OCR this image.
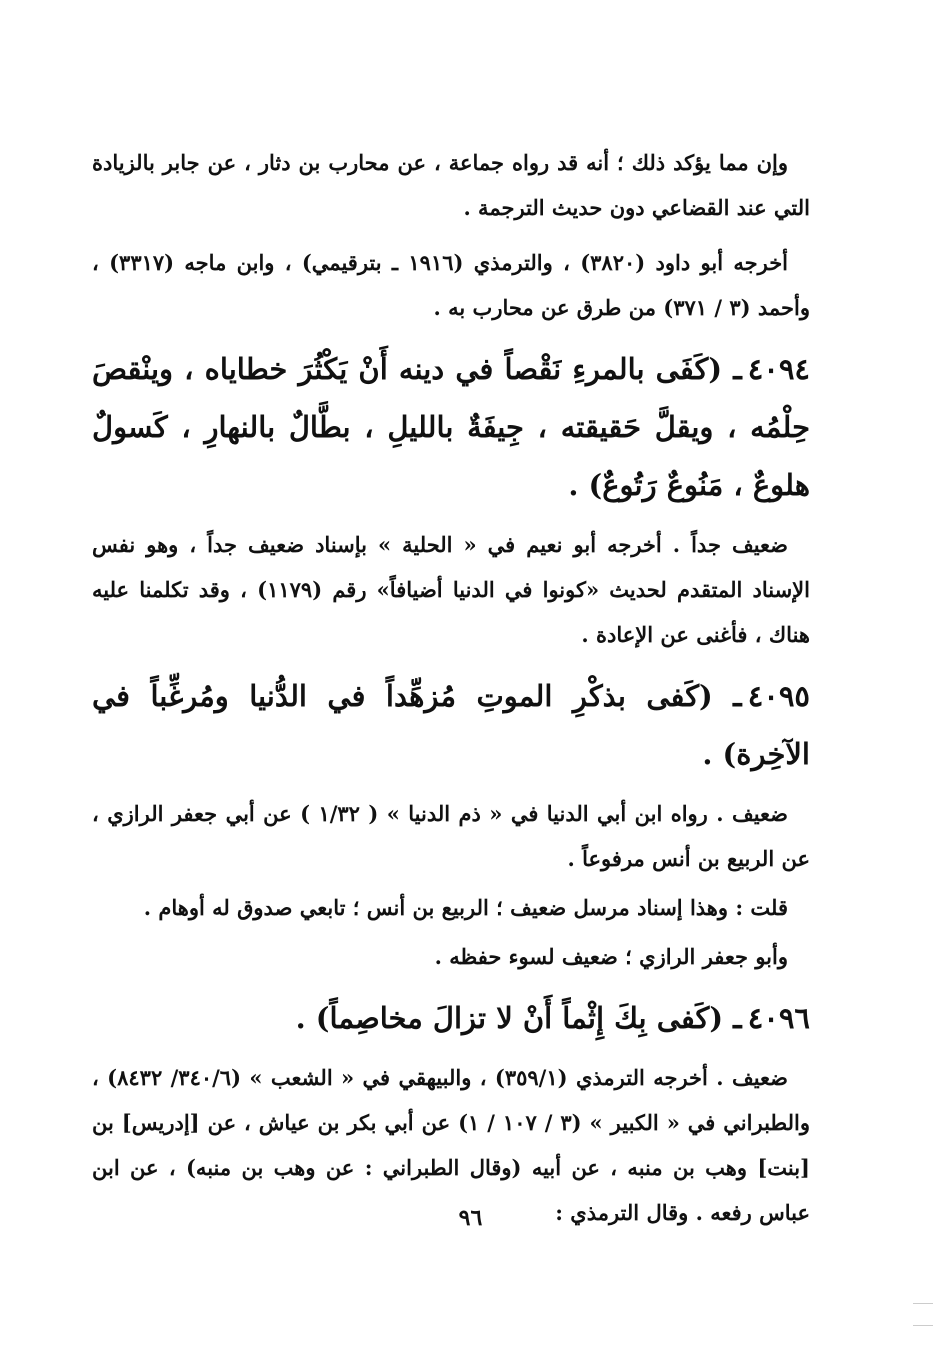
وإن مما يؤكد ذلك ؛ أنه قد رواه جماعة ، عن محارب بن دثار ، عن جابر بالزيادة التي عند القضاعي دون حديث الترجمة .

أخرجه أبو داود (٣٨٢٠) ، والترمذي (١٩١٦ ـ بترقيمي) ، وابن ماجه (٣٣١٧) ، وأحمد (٣ / ٣٧١) من طرق عن محارب به .

٤٠٩٤ـ (كَفَى بالمرءِ نَقْصاً في دينه أَنْ يَكْثُرَ خطاياه ، وينْقصَ حِلْمُه ، ويقلَّ حَقيقته ، جِيفَةٌ بالليلِ ، بطَّالٌ بالنهارِ ، كَسولٌ هلوعٌ ، مَنُوعٌ رَتُوعٌ) .

ضعيف جداً . أخرجه أبو نعيم في « الحلية » بإسناد ضعيف جداً ، وهو نفس الإسناد المتقدم لحديث «كونوا في الدنيا أضيافاً» رقم (١١٧٩) ، وقد تكلمنا عليه هناك ، فأغنى عن الإعادة .

٤٠٩٥ـ (كَفى بذكْرِ الموتِ مُزهِّداً في الدُّنيا ومُرغِّباً في الآخِرة) .

ضعيف . رواه ابن أبي الدنيا في « ذم الدنيا » ( ١/٣٢ ) عن أبي جعفر الرازي ، عن الربيع بن أنس مرفوعاً .

قلت : وهذا إسناد مرسل ضعيف ؛ الربيع بن أنس ؛ تابعي صدوق له أوهام .

وأبو جعفر الرازي ؛ ضعيف لسوء حفظه .

٤٠٩٦ـ (كَفى بِكَ إِثْماً أَنْ لا تزالَ مخاصِماً) .

ضعيف . أخرجه الترمذي (٣٥٩/١) ، والبيهقي في « الشعب » (٣٤٠/٦/ ٨٤٣٢) ، والطبراني في « الكبير » (٣ / ١٠٧ / ١) عن أبي بكر بن عياش ، عن [إدريس] بن [بنت] وهب بن منبه ، عن أبيه (وقال الطبراني : عن وهب بن منبه) ، عن ابن عباس رفعه . وقال الترمذي :

٩٦
